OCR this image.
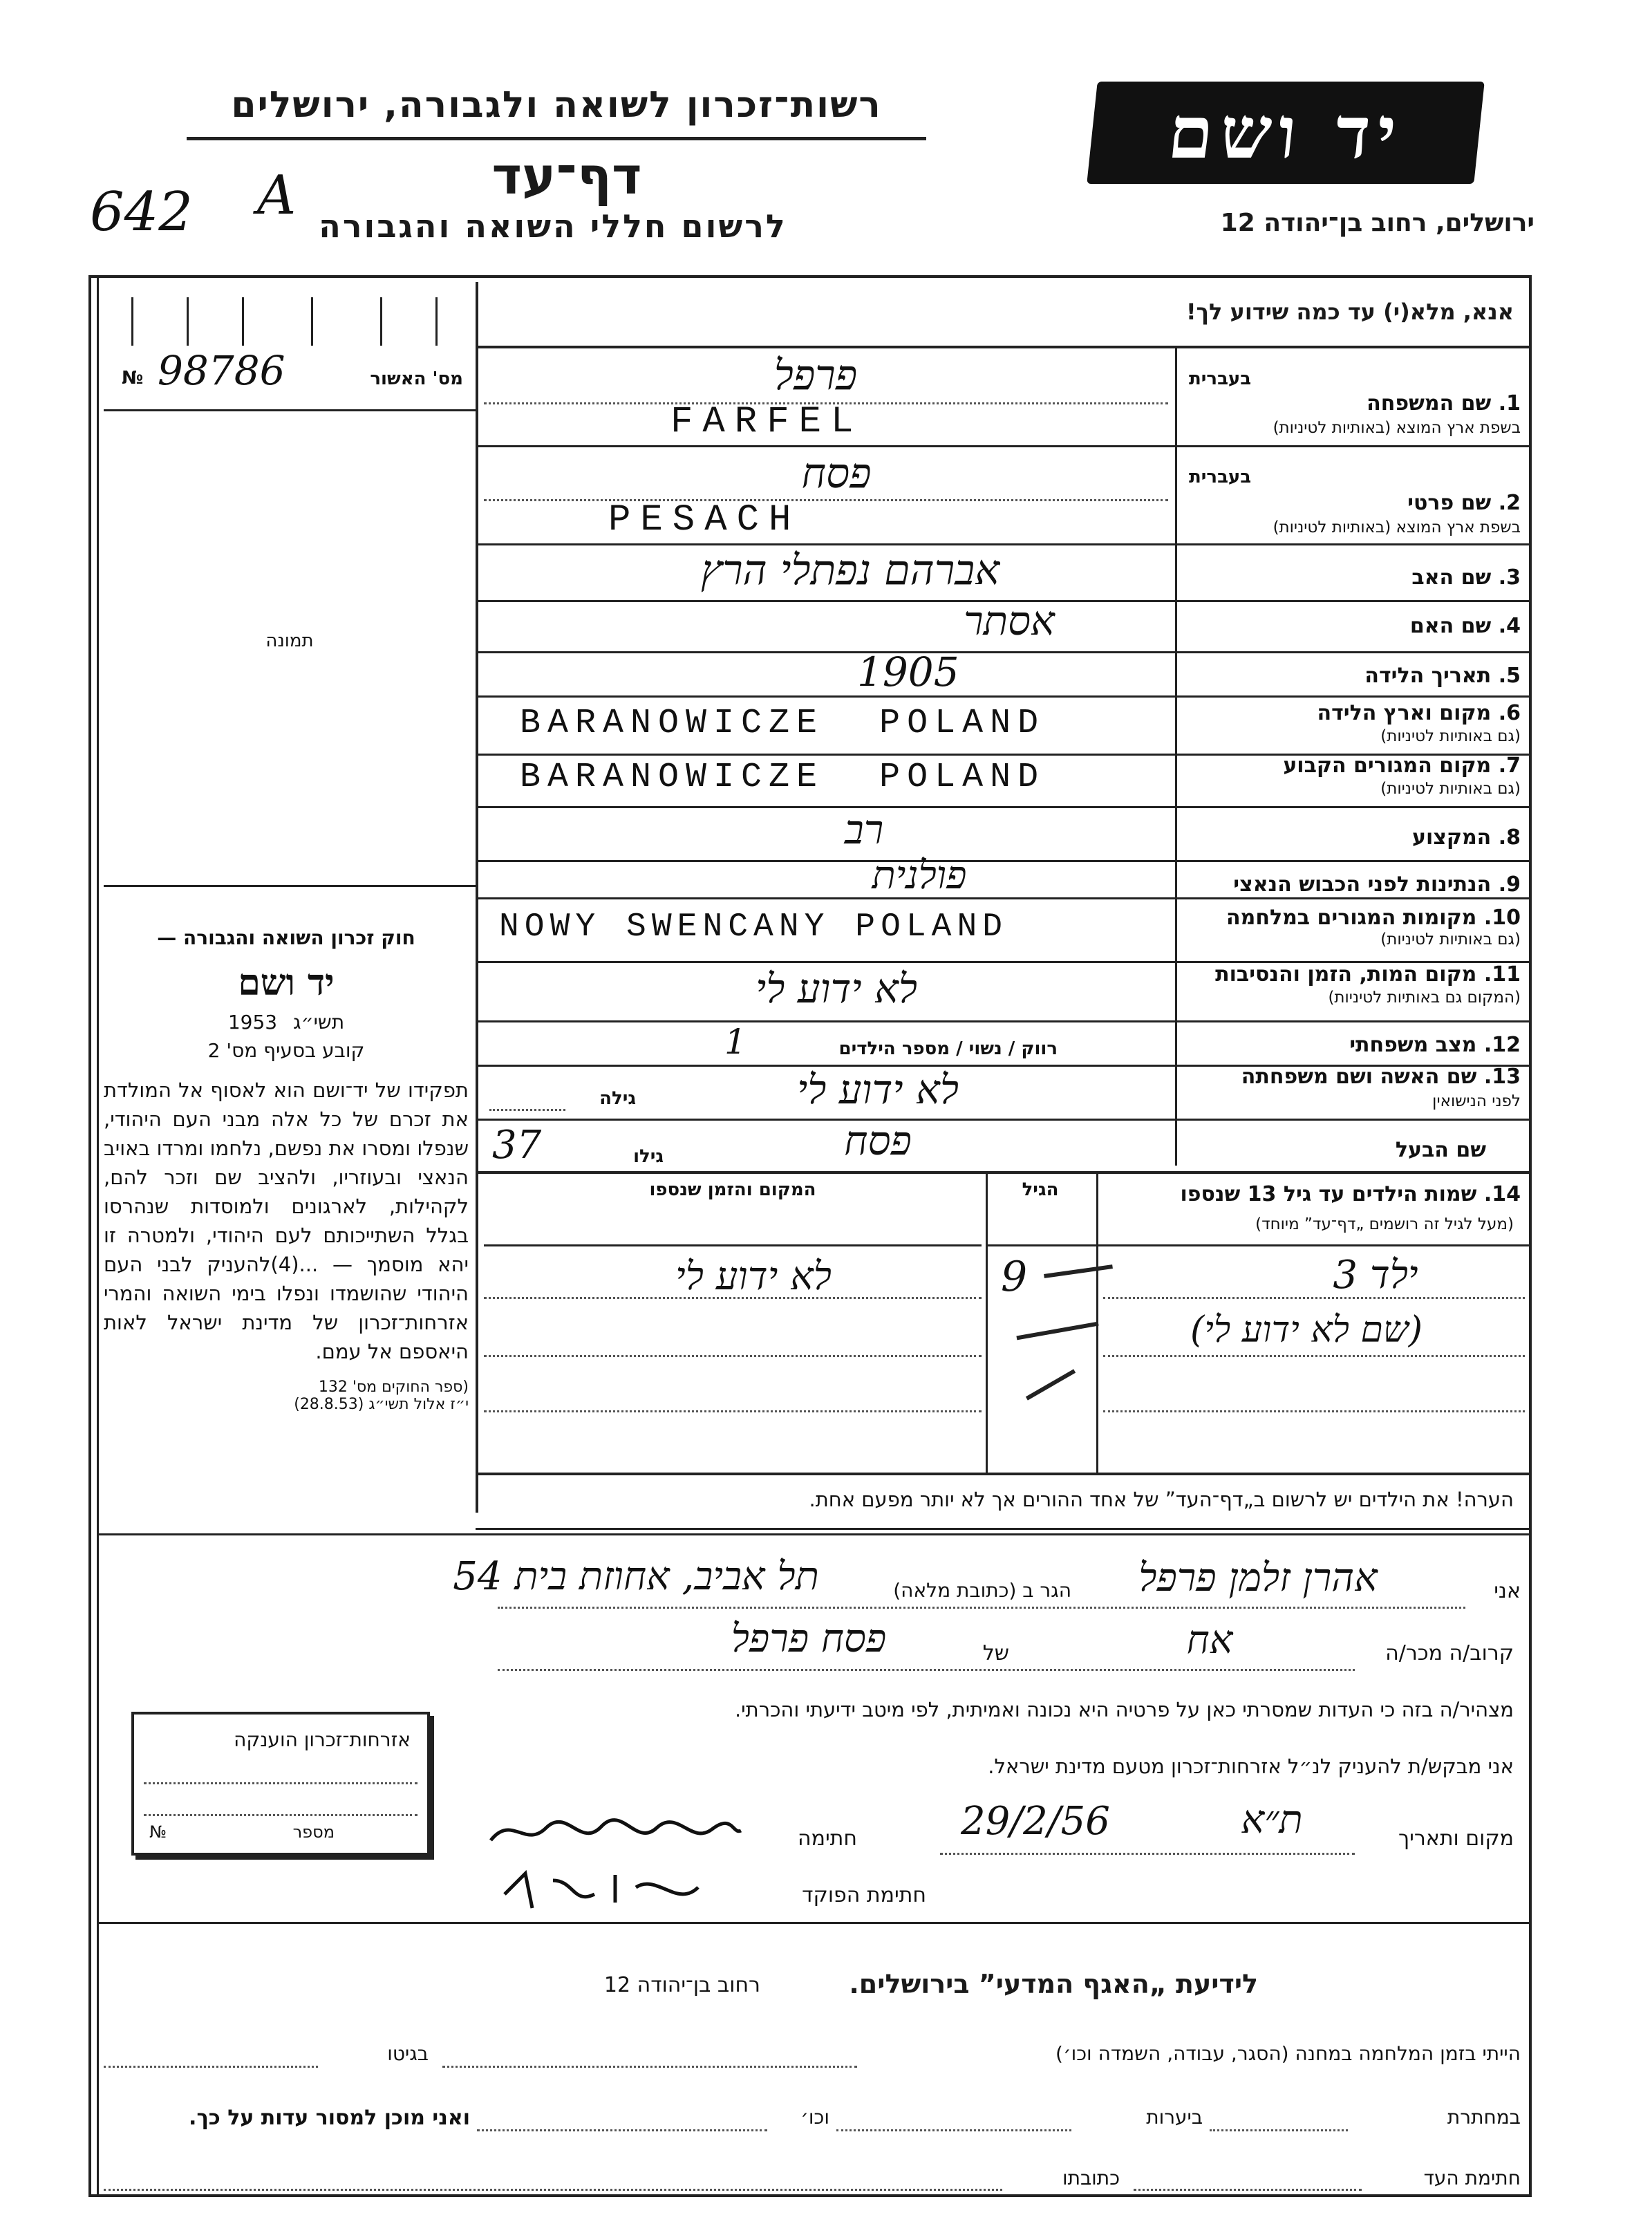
רשות־זכרון לשואה ולגבורה, ירושלים
דף־עד
לרשום חללי השואה והגבורה
642 A
יד ושם
ירושלים, רחוב בן־יהודה 12
№ 98786	מס' האשור
תמונה
חוק זכרון השואה והגבורה —
יד ושם
1953 תשי״ג
קובע בסעיף מס' 2
תפקידו של יד־ושם הוא לאסוף אל המולדת את זכרם של כל אלה מבני העם היהודי, שנפלו ומסרו את נפשם, נלחמו ומרדו באויב הנאצי ובעוזריו, ולהציב שם וזכר להם, לקהילות, לארגונים ולמוסדות שנהרסו בגלל השתייכותם לעם היהודי, ולמטרה זו יהא מוסמך — ...(4)להעניק לבני העם היהודי שהושמדו ונפלו בימי השואה והמרי אזרחות־זכרון של מדינת ישראל לאות היאספם אל עמם.
(ספר החוקים מס' 132
י״ז אלול תשי״ג (28.8.53)
אנא, מלא(י) עד כמה שידוע לך!
בעברית
1. שם המשפחה
בשפת ארץ המוצא (באותיות לטיניות)
פרפל
FARFEL
בעברית
2. שם פרטי
בשפת ארץ המוצא (באותיות לטיניות)
פסח
PESACH
3. שם האב
אברהם נפתלי הרץ
4. שם האם
אסתר
5. תאריך הלידה
1905
6. מקום וארץ הלידה
(גם באותיות לטיניות)
BARANOWICZE  POLAND
7. מקום המגורים הקבוע
(גם באותיות לטיניות)
BARANOWICZE  POLAND
8. המקצוע
רב
9. הנתינות לפני הכבוש הנאצי
פולנית
10. מקומות המגורים במלחמה
(גם באותיות לטיניות)
NOWY SWENCANY POLAND
11. מקום המות, הזמן והנסיבות
(המקום גם באותיות לטיניות)
לא ידוע לי
12. מצב משפחתי
רווק / נשוי / מספר הילדים
1
13. שם האשה ושם משפחתה
לפני הנישואין
לא ידוע לי
גילה
שם הבעל
פסח
גילו
37
המקום והזמן שנספו	הגיל	14. שמות הילדים עד גיל 13 שנספו
(מעל לגיל זה רושמים „דף־עד” מיוחד)
לא ידוע לי	9	ילד 3
(שם לא ידוע לי)
הערה! את הילדים יש לרשום ב„דף־העד” של אחד ההורים אך לא יותר מפעם אחת.
אני
אהרן זלמן פרפל
הגר ב (כתובת מלאה)
תל אביב, אחוזת בית 54
קרוב/ה מכר/ה
אח
של
פסח פרפל
מצהיר/ה בזה כי העדות שמסרתי כאן על פרטיה היא נכונה ואמיתית, לפי מיטב ידיעתי והכרתי.
אני מבקש/ת להעניק לנ״ל אזרחות־זכרון מטעם מדינת ישראל.
מקום ותאריך
ת״א
29/2/56
חתימה
חתימת הפוקד
אזרחות־זכרון הוענקה
№	מספר
לידיעת „האגף המדעי” בירושלים.
רחוב בן־יהודה 12
הייתי בזמן המלחמה במחנה (הסגר, עבודה, השמדה וכו׳)
בגיטו
במחתרת
ביערות
וכו׳
ואני מוכן למסור עדות על כך.
חתימת העד
כתובתו
